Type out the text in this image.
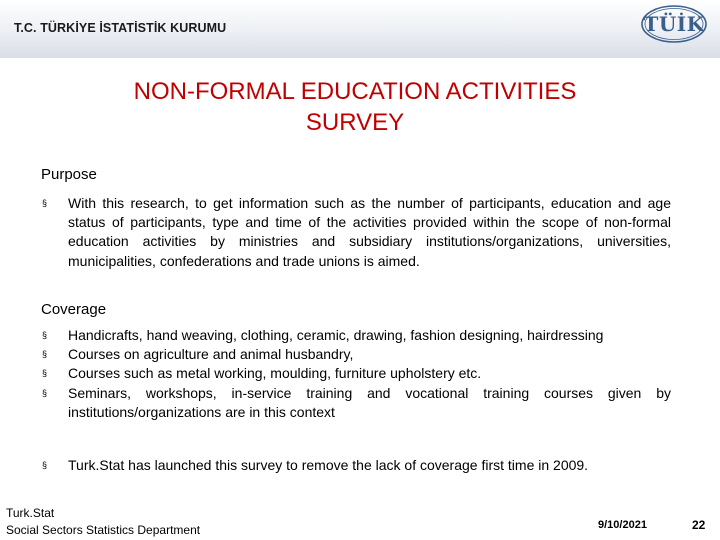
T.C. TÜRKİYE İSTATİSTİK KURUMU	TÜİK
NON-FORMAL EDUCATION ACTIVITIES
SURVEY
Purpose
§ With this research, to get information such as the number of participants, education and age status of participants, type and time of the activities provided within the scope of non-formal education activities by ministries and subsidiary institutions/organizations, universities, municipalities, confederations and trade unions is aimed.
Coverage
§ Handicrafts, hand weaving, clothing, ceramic, drawing, fashion designing, hairdressing
§ Courses on agriculture and animal husbandry,
§ Courses such as metal working, moulding, furniture upholstery etc.
§ Seminars, workshops, in-service training and vocational training courses given by institutions/organizations are in this context
§ Turk.Stat has launched this survey to remove the lack of coverage first time in 2009.
Turk.Stat
Social Sectors Statistics Department	9/10/2021	22
